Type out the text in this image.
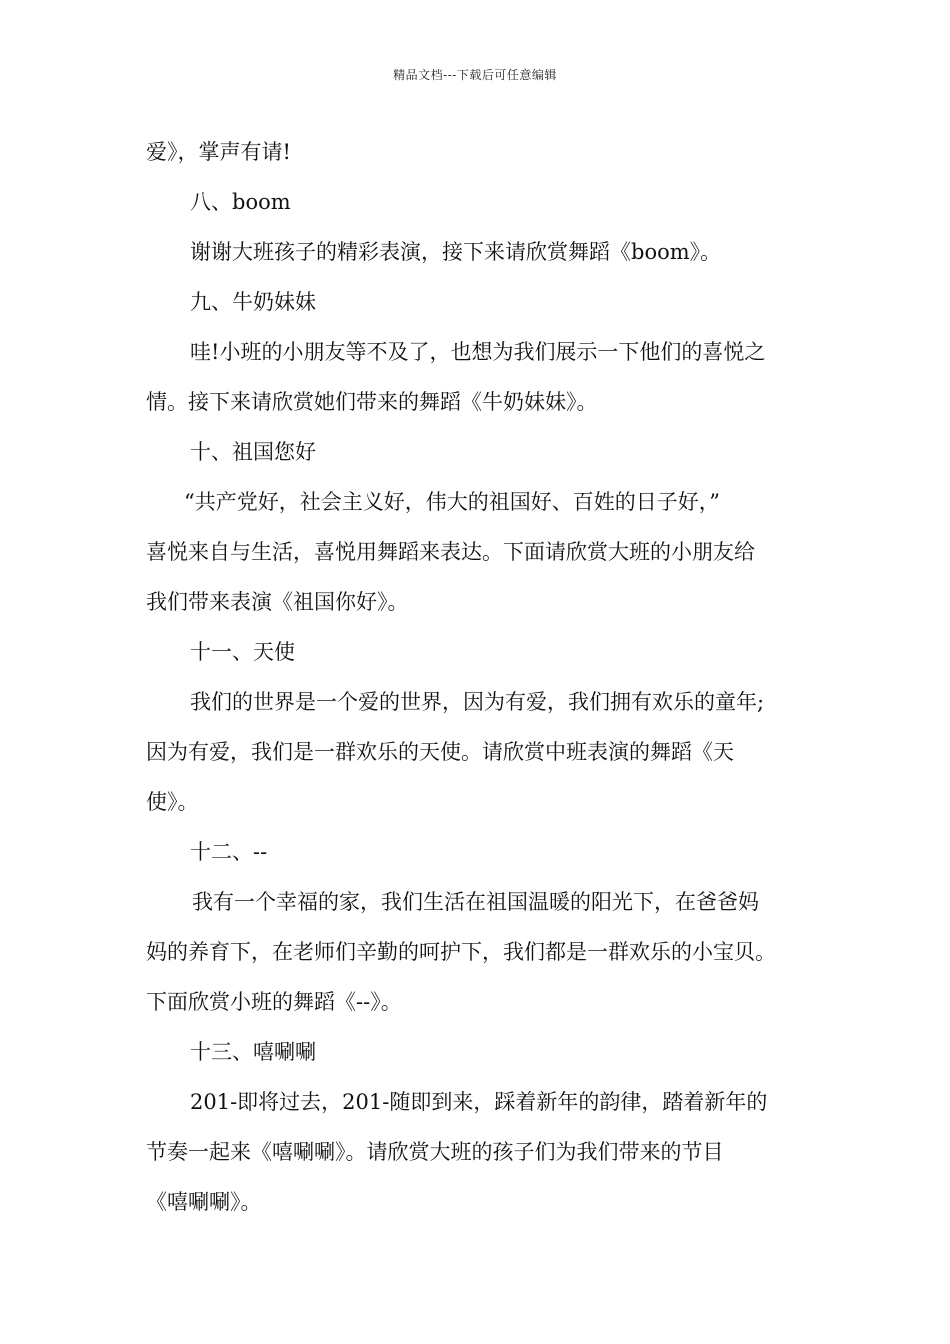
精品文档---下载后可任意编辑
爱》，掌声有请!
八、boom
谢谢大班孩子的精彩表演，接下来请欣赏舞蹈《boom》。
九、牛奶妹妹
哇!小班的小朋友等不及了，也想为我们展示一下他们的喜悦之
情。接下来请欣赏她们带来的舞蹈《牛奶妹妹》。
十、祖国您好
“共产党好，社会主义好，伟大的祖国好、百姓的日子好，”
喜悦来自与生活，喜悦用舞蹈来表达。下面请欣赏大班的小朋友给
我们带来表演《祖国你好》。
十一、天使
我们的世界是一个爱的世界，因为有爱，我们拥有欢乐的童年;
因为有爱，我们是一群欢乐的天使。请欣赏中班表演的舞蹈《天
使》。
十二、--
我有一个幸福的家，我们生活在祖国温暖的阳光下，在爸爸妈
妈的养育下，在老师们辛勤的呵护下，我们都是一群欢乐的小宝贝。
下面欣赏小班的舞蹈《--》。
十三、嘻唰唰
201-即将过去，201-随即到来，踩着新年的韵律，踏着新年的
节奏一起来《嘻唰唰》。请欣赏大班的孩子们为我们带来的节目
《嘻唰唰》。
